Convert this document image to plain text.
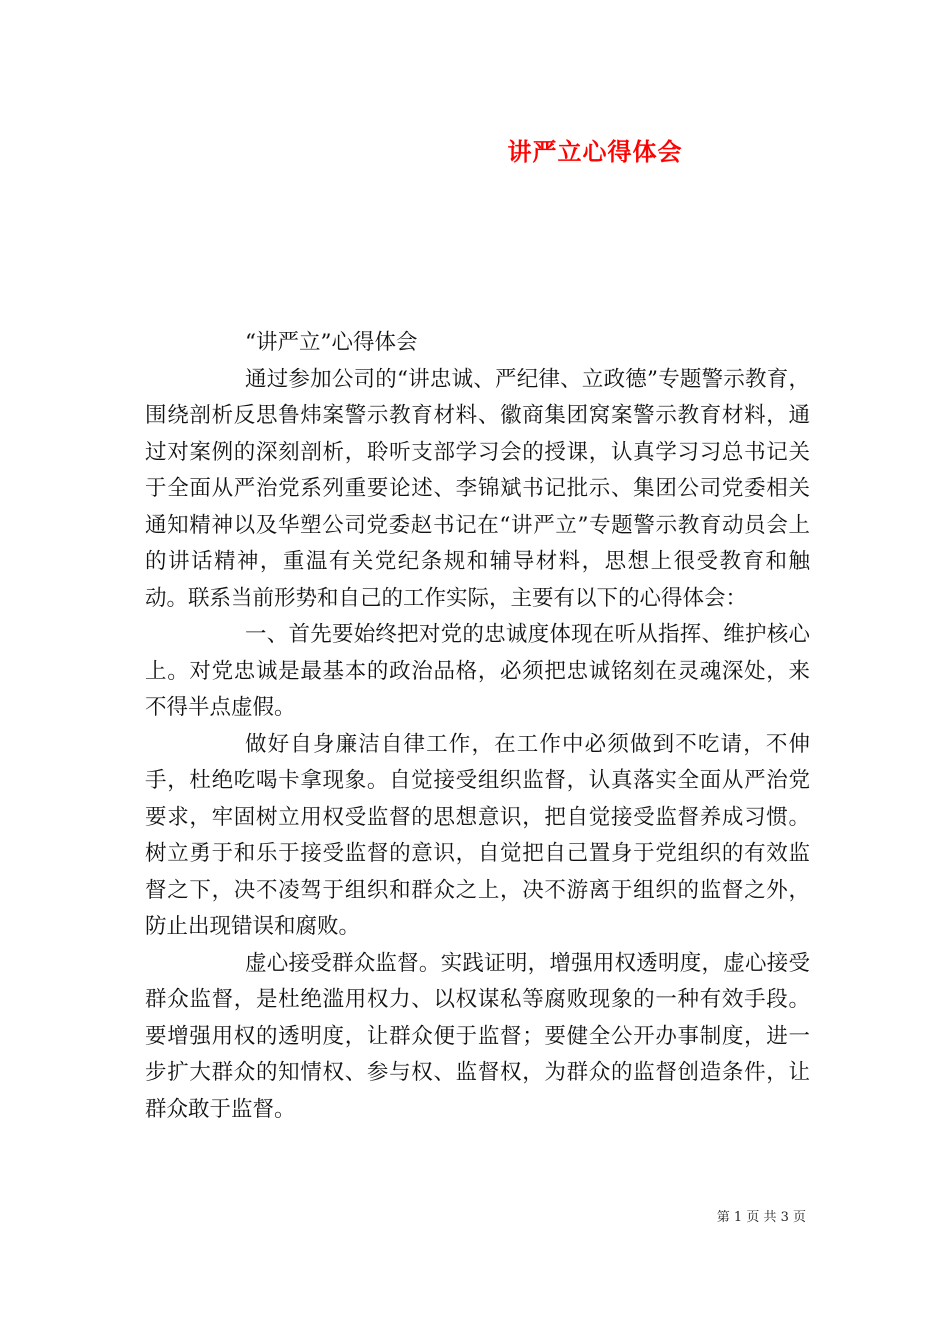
讲严立心得体会

“讲严立”心得体会

通过参加公司的“讲忠诚、严纪律、立政德”专题警示教育，围绕剖析反思鲁炜案警示教育材料、徽商集团窝案警示教育材料，通过对案例的深刻剖析，聆听支部学习会的授课，认真学习习总书记关于全面从严治党系列重要论述、李锦斌书记批示、集团公司党委相关通知精神以及华塑公司党委赵书记在“讲严立”专题警示教育动员会上的讲话精神，重温有关党纪条规和辅导材料，思想上很受教育和触动。联系当前形势和自己的工作实际，主要有以下的心得体会：

一、首先要始终把对党的忠诚度体现在听从指挥、维护核心上。对党忠诚是最基本的政治品格，必须把忠诚铭刻在灵魂深处，来不得半点虚假。

做好自身廉洁自律工作，在工作中必须做到不吃请，不伸手，杜绝吃喝卡拿现象。自觉接受组织监督，认真落实全面从严治党要求，牢固树立用权受监督的思想意识，把自觉接受监督养成习惯。树立勇于和乐于接受监督的意识，自觉把自己置身于党组织的有效监督之下，决不凌驾于组织和群众之上，决不游离于组织的监督之外，防止出现错误和腐败。

虚心接受群众监督。实践证明，增强用权透明度，虚心接受群众监督，是杜绝滥用权力、以权谋私等腐败现象的一种有效手段。要增强用权的透明度，让群众便于监督；要健全公开办事制度，进一步扩大群众的知情权、参与权、监督权，为群众的监督创造条件，让群众敢于监督。

第 1 页 共 3 页
